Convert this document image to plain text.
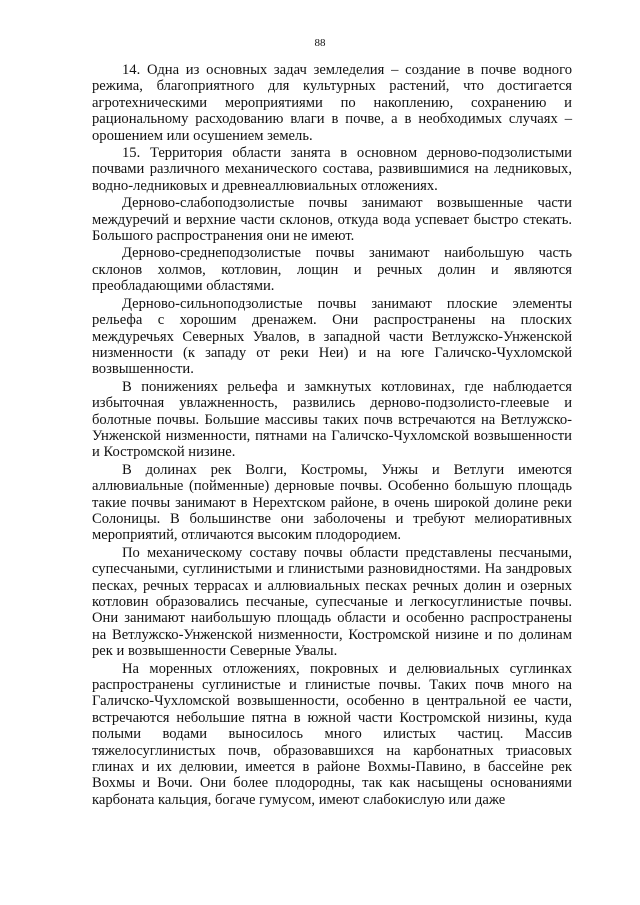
88

14. Одна из основных задач земледелия – создание в почве водного режима, благоприятного для культурных растений, что достигается агротехническими мероприятиями по накоплению, сохранению и рациональному расходованию влаги в почве, а в необходимых случаях – орошением или осушением земель.

15. Территория области занята в основном дерново-подзолистыми почвами различного механического состава, развившимися на ледниковых, водно-ледниковых и древнеаллювиальных отложениях.

Дерново-слабоподзолистые почвы занимают возвышенные части междуречий и верхние части склонов, откуда вода успевает быстро стекать. Большого распространения они не имеют.

Дерново-среднеподзолистые почвы занимают наибольшую часть склонов холмов, котловин, лощин и речных долин и являются преобладающими областями.

Дерново-сильноподзолистые почвы занимают плоские элементы рельефа с хорошим дренажем. Они распространены на плоских междуречьях Северных Увалов, в западной части Ветлужско-Унженской низменности (к западу от реки Неи) и на юге Галичско-Чухломской возвышенности.

В понижениях рельефа и замкнутых котловинах, где наблюдается избыточная увлажненность, развились дерново-подзолисто-глеевые и болотные почвы. Большие массивы таких почв встречаются на Ветлужско-Унженской низменности, пятнами на Галичско-Чухломской возвышенности и Костромской низине.

В долинах рек Волги, Костромы, Унжы и Ветлуги имеются аллювиальные (пойменные) дерновые почвы. Особенно большую площадь такие почвы занимают в Нерехтском районе, в очень широкой долине реки Солоницы. В большинстве они заболочены и требуют мелиоративных мероприятий, отличаются высоким плодородием.

По механическому составу почвы области представлены песчаными, супесчаными, суглинистыми и глинистыми разновидностями. На зандровых песках, речных террасах и аллювиальных песках речных долин и озерных котловин образовались песчаные, супесчаные и легкосуглинистые почвы. Они занимают наибольшую площадь области и особенно распространены на Ветлужско-Унженской низменности, Костромской низине и по долинам рек и возвышенности Северные Увалы.

На моренных отложениях, покровных и делювиальных суглинках распространены суглинистые и глинистые почвы. Таких почв много на Галичско-Чухломской возвышенности, особенно в центральной ее части, встречаются небольшие пятна в южной части Костромской низины, куда полыми водами выносилось много илистых частиц. Массив тяжелосуглинистых почв, образовавшихся на карбонатных триасовых глинах и их делювии, имеется в районе Вохмы-Павино, в бассейне рек Вохмы и Вочи. Они более плодородны, так как насыщены основаниями карбоната кальция, богаче гумусом, имеют слабокислую или даже
